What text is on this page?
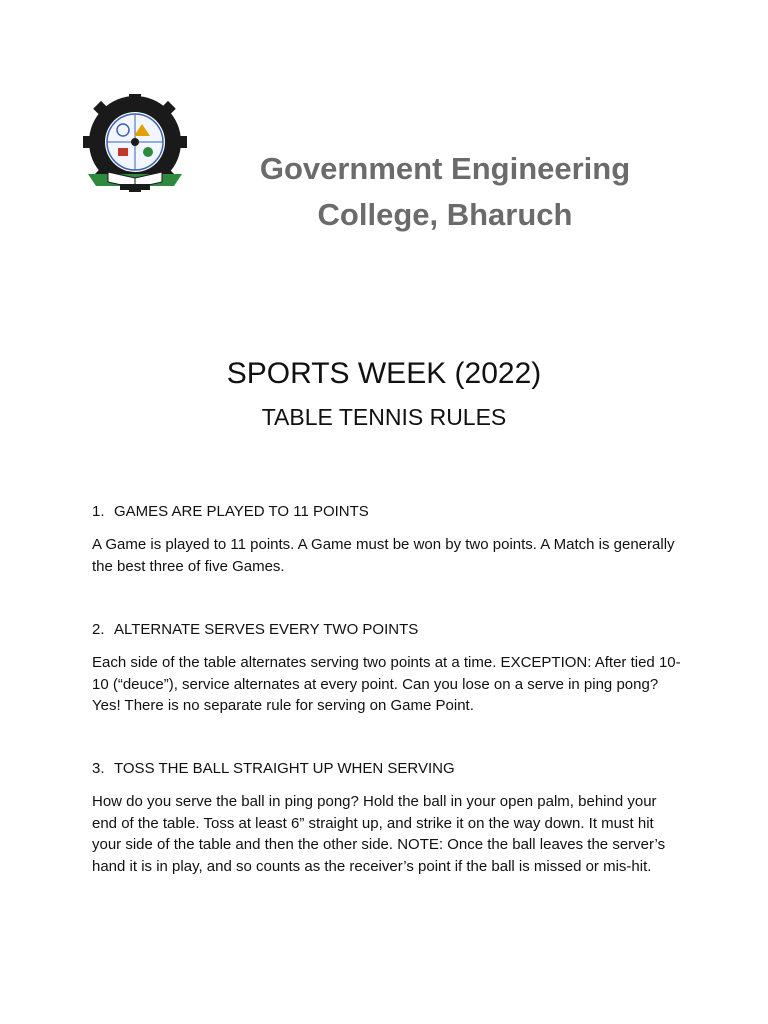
Government Engineering
College, Bharuch
SPORTS WEEK (2022)
TABLE TENNIS RULES

1. GAMES ARE PLAYED TO 11 POINTS

A Game is played to 11 points. A Game must be won by two points. A Match is generally the best three of five Games.

2. ALTERNATE SERVES EVERY TWO POINTS

Each side of the table alternates serving two points at a time. EXCEPTION: After tied 10-10 (“deuce”), service alternates at every point. Can you lose on a serve in ping pong? Yes! There is no separate rule for serving on Game Point.

3. TOSS THE BALL STRAIGHT UP WHEN SERVING

How do you serve the ball in ping pong? Hold the ball in your open palm, behind your end of the table. Toss at least 6” straight up, and strike it on the way down. It must hit your side of the table and then the other side. NOTE: Once the ball leaves the server’s hand it is in play, and so counts as the receiver’s point if the ball is missed or mis-hit.
